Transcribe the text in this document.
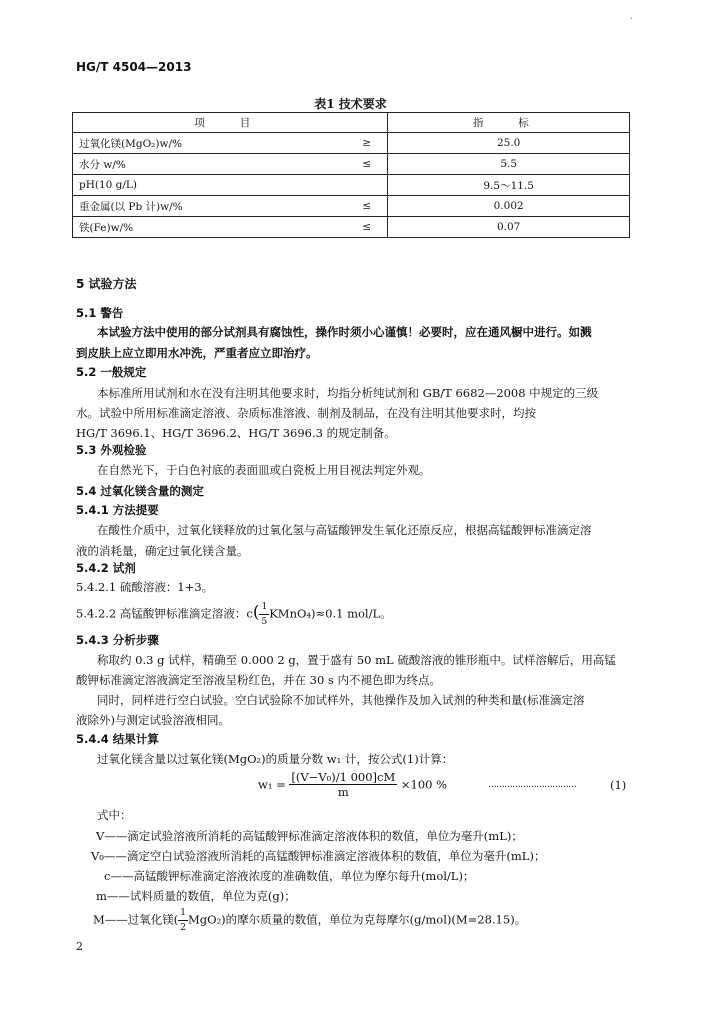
'
HG/T 4504—2013
表1 技术要求
项 目		指 标
过氧化镁(MgO₂)w/%	≥	25.0
水分 w/%	≤	5.5
pH(10 g/L)		9.5～11.5
重金属(以 Pb 计)w/%	≤	0.002
铁(Fe)w/%	≤	0.07
5 试验方法
5.1 警告
本试验方法中使用的部分试剂具有腐蚀性，操作时须小心谨慎！必要时，应在通风橱中进行。如溅
到皮肤上应立即用水冲洗，严重者应立即治疗。
5.2 一般规定
本标准所用试剂和水在没有注明其他要求时，均指分析纯试剂和 GB/T 6682—2008 中规定的三级
水。试验中所用标准滴定溶液、杂质标准溶液、制剂及制品，在没有注明其他要求时，均按
HG/T 3696.1、HG/T 3696.2、HG/T 3696.3 的规定制备。
5.3 外观检验
在自然光下，于白色衬底的表面皿或白瓷板上用目视法判定外观。
5.4 过氧化镁含量的测定
5.4.1 方法提要
在酸性介质中，过氧化镁释放的过氧化氢与高锰酸钾发生氧化还原反应，根据高锰酸钾标准滴定溶
液的消耗量，确定过氧化镁含量。
5.4.2 试剂
5.4.2.1 硫酸溶液：1+3。
5.4.2.2 高锰酸钾标准滴定溶液：$c( \frac{1}{5}$ KMnO₄)≈0.1 mol/L。
5.4.3 分析步骤
称取约 0.3 g 试样，精确至 0.000 2 g，置于盛有 50 mL 硫酸溶液的锥形瓶中。试样溶解后，用高锰
酸钾标准滴定溶液滴定至溶液呈粉红色，并在 30 s 内不褪色即为终点。
同时，同样进行空白试验。空白试验除不加试样外，其他操作及加入试剂的种类和量(标准滴定溶
液除外)与测定试验溶液相同。
5.4.4 结果计算
过氧化镁含量以过氧化镁(MgO₂)的质量分数 w₁ 计，按公式(1)计算：
$w_1 = \frac{\text{[(V−V₀)/1 000]cM}}{m} \times 100$ %	……………………………	(1)
式中：
V——滴定试验溶液所消耗的高锰酸钾标准滴定溶液体积的数值，单位为毫升(mL)；
V₀——滴定空白试验溶液所消耗的高锰酸钾标准滴定溶液体积的数值，单位为毫升(mL)；
c——高锰酸钾标准滴定溶液浓度的准确数值，单位为摩尔每升(mol/L)；
m——试料质量的数值，单位为克(g)；
M——过氧化镁( $\frac{1}{2} MgO_2$)的摩尔质量的数值，单位为克每摩尔(g/mol)(M=28.15)。
2
